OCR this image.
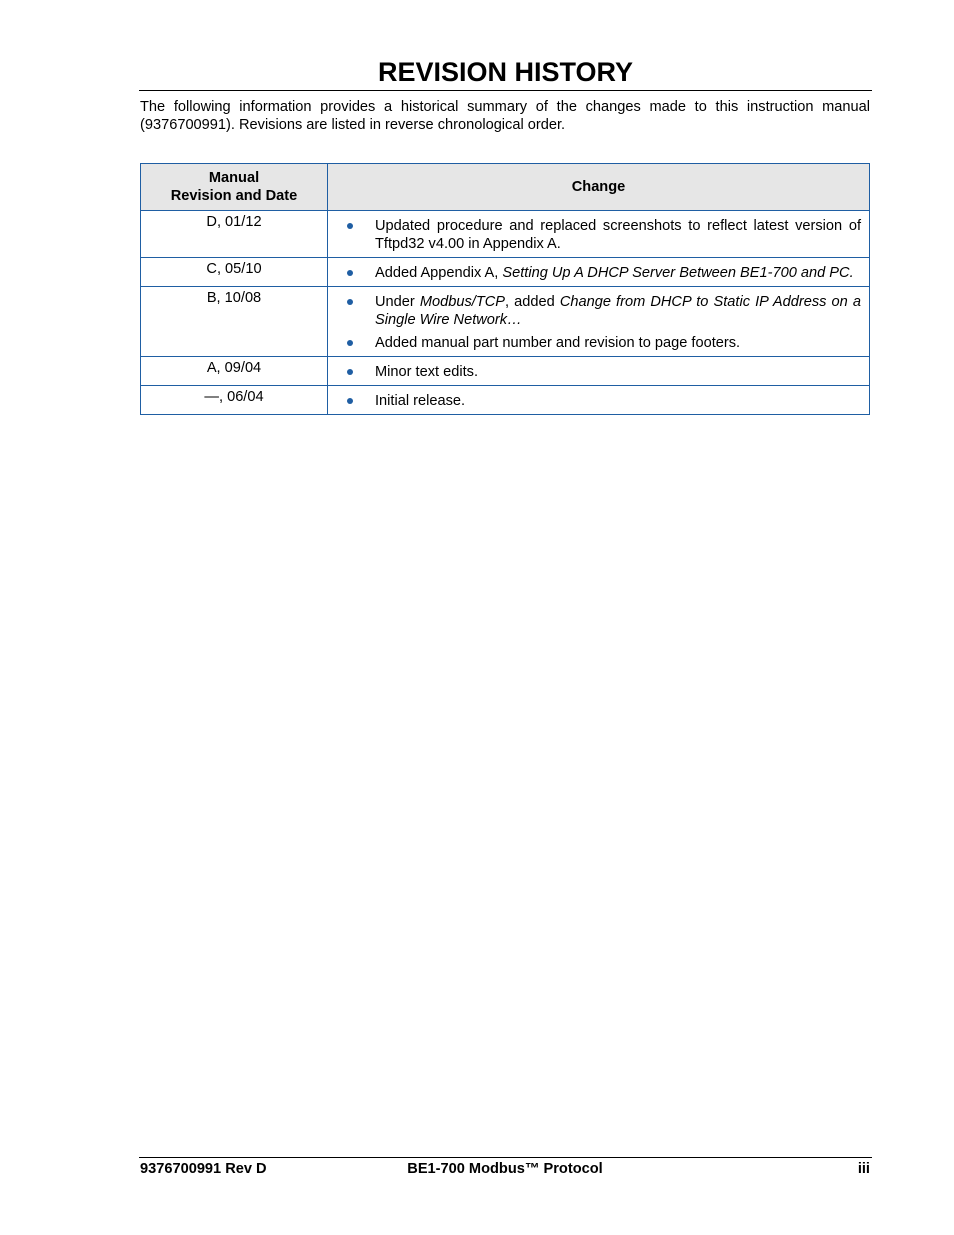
REVISION HISTORY

The following information provides a historical summary of the changes made to this instruction manual (9376700991). Revisions are listed in reverse chronological order.

Manual
Revision and Date	Change
D, 01/12	Updated procedure and replaced screenshots to reflect latest version of Tftpd32 v4.00 in Appendix A.

C, 05/10	Added Appendix A, Setting Up A DHCP Server Between BE1-700 and PC.

B, 10/08	Under Modbus/TCP, added Change from DHCP to Static IP Address on a Single Wire Network…
Added manual part number and revision to page footers.

A, 09/04	Minor text edits.

—, 06/04	Initial release.
9376700991 Rev D	BE1-700 Modbus™ Protocol	iii
